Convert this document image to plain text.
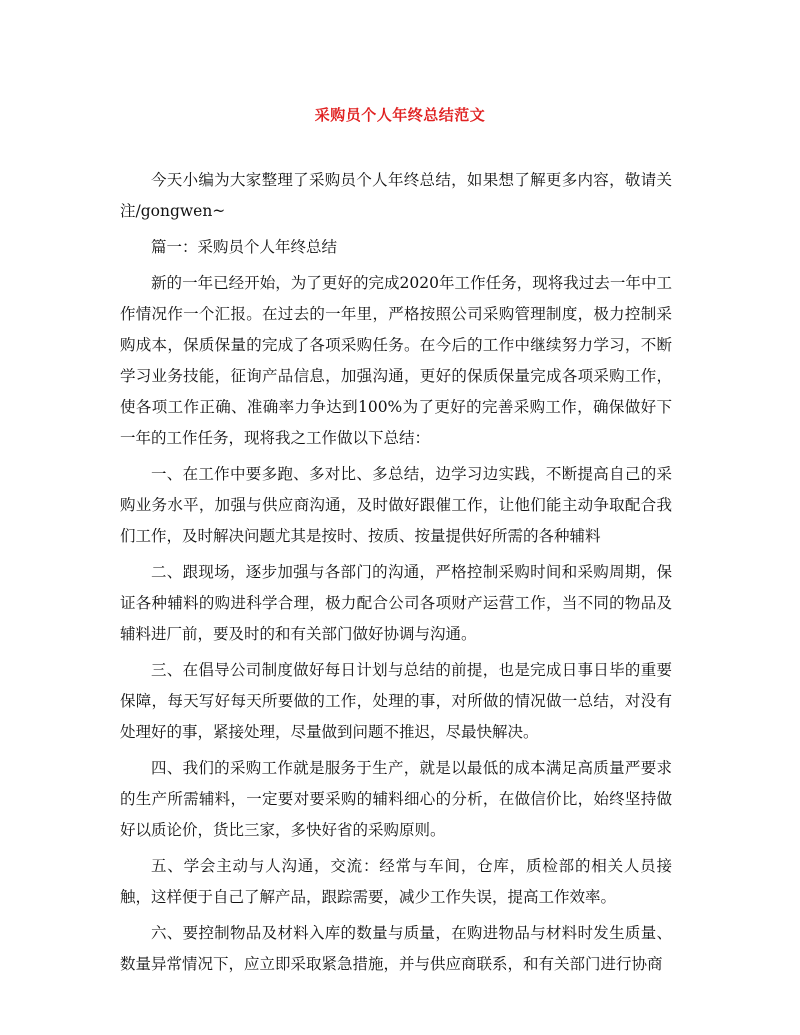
采购员个人年终总结范文

今天小编为大家整理了采购员个人年终总结，如果想了解更多内容，敬请关注/gongwen~

篇一：采购员个人年终总结

新的一年已经开始，为了更好的完成2020年工作任务，现将我过去一年中工作情况作一个汇报。在过去的一年里，严格按照公司采购管理制度，极力控制采购成本，保质保量的完成了各项采购任务。在今后的工作中继续努力学习，不断学习业务技能，征询产品信息，加强沟通，更好的保质保量完成各项采购工作，使各项工作正确、准确率力争达到100%为了更好的完善采购工作，确保做好下一年的工作任务，现将我之工作做以下总结：

一、在工作中要多跑、多对比、多总结，边学习边实践，不断提高自己的采购业务水平，加强与供应商沟通，及时做好跟催工作，让他们能主动争取配合我们工作，及时解决问题尤其是按时、按质、按量提供好所需的各种辅料

二、跟现场，逐步加强与各部门的沟通，严格控制采购时间和采购周期，保证各种辅料的购进科学合理，极力配合公司各项财产运营工作，当不同的物品及辅料进厂前，要及时的和有关部门做好协调与沟通。

三、在倡导公司制度做好每日计划与总结的前提，也是完成日事日毕的重要保障，每天写好每天所要做的工作，处理的事，对所做的情况做一总结，对没有处理好的事，紧接处理，尽量做到问题不推迟，尽最快解决。

四、我们的采购工作就是服务于生产，就是以最低的成本满足高质量严要求的生产所需辅料，一定要对要采购的辅料细心的分析，在做信价比，始终坚持做好以质论价，货比三家，多快好省的采购原则。

五、学会主动与人沟通，交流：经常与车间，仓库，质检部的相关人员接触，这样便于自己了解产品，跟踪需要，减少工作失误，提高工作效率。

六、要控制物品及材料入库的数量与质量，在购进物品与材料时发生质量、数量异常情况下，应立即采取紧急措施，并与供应商联系，和有关部门进行协商
